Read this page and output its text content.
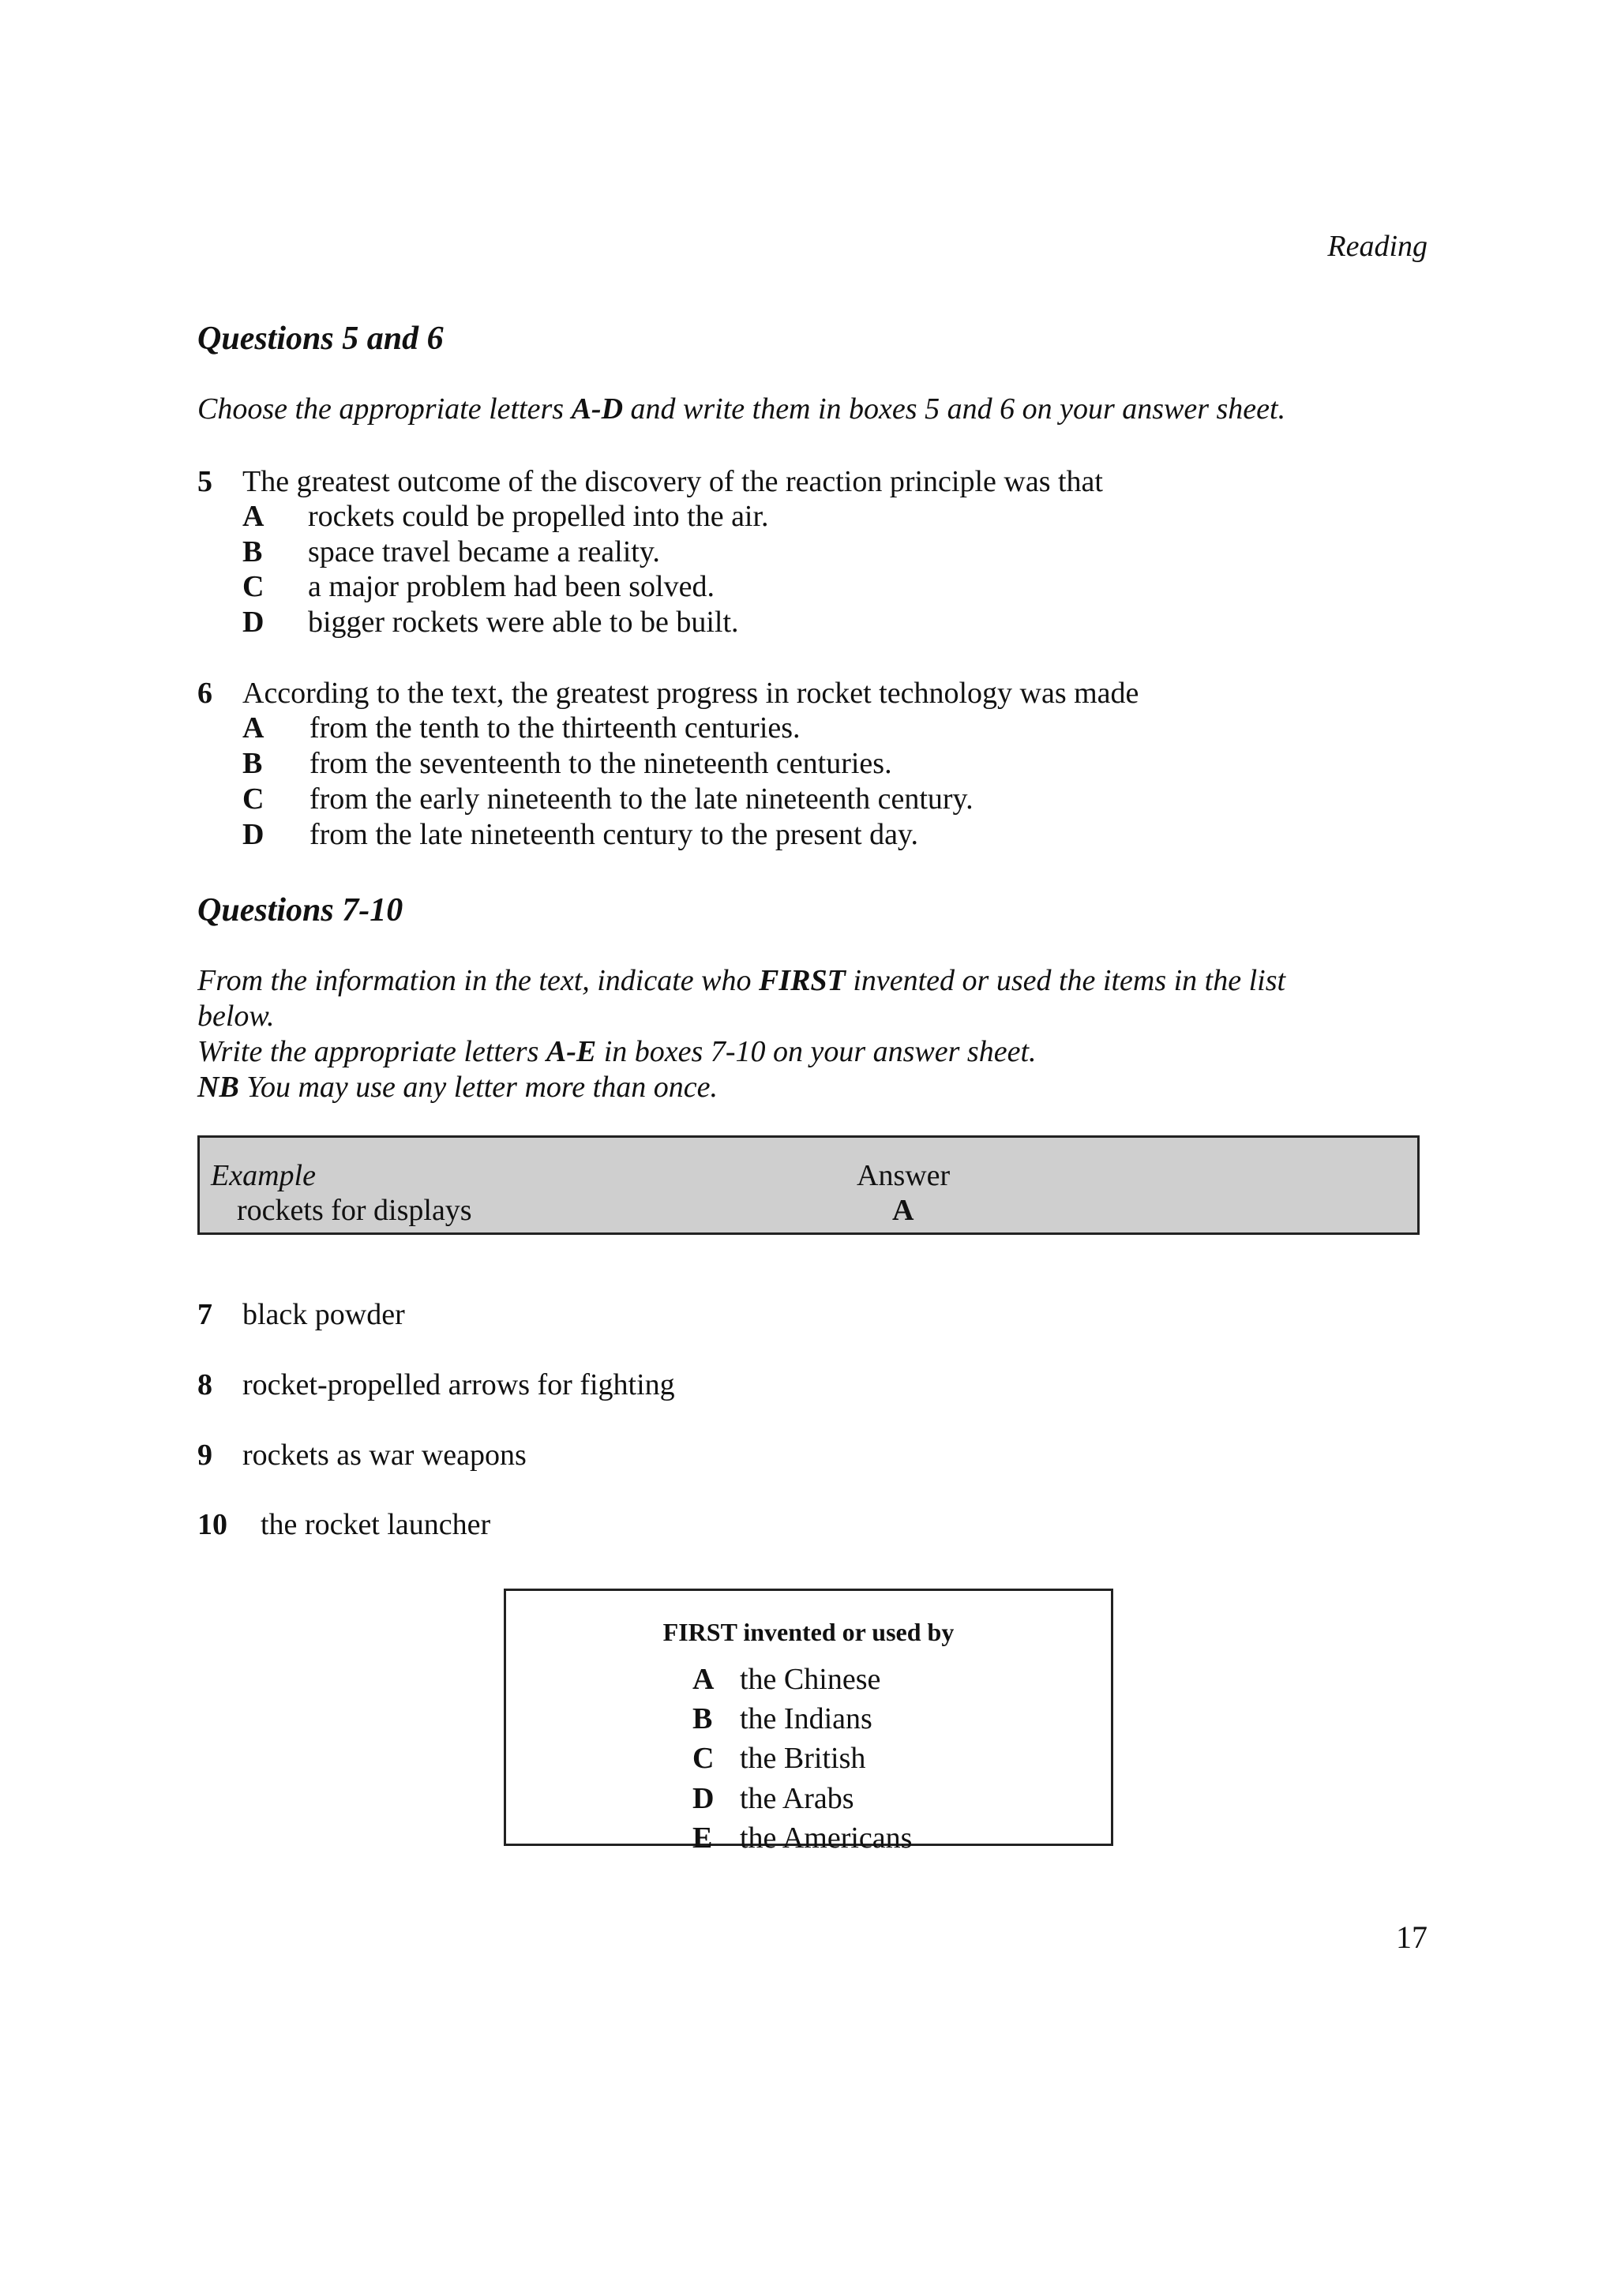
Reading
Questions 5 and 6
Choose the appropriate letters A-D and write them in boxes 5 and 6 on your answer sheet.
5 The greatest outcome of the discovery of the reaction principle was that
A rockets could be propelled into the air.
B space travel became a reality.
C a major problem had been solved.
D bigger rockets were able to be built.
6 According to the text, the greatest progress in rocket technology was made
A from the tenth to the thirteenth centuries.
B from the seventeenth to the nineteenth centuries.
C from the early nineteenth to the late nineteenth century.
D from the late nineteenth century to the present day.
Questions 7-10
From the information in the text, indicate who FIRST invented or used the items in the list
below.
Write the appropriate letters A-E in boxes 7-10 on your answer sheet.
NB You may use any letter more than once.
Example
rockets for displays
Answer
A
7 black powder
8 rocket-propelled arrows for fighting
9 rockets as war weapons
10 the rocket launcher
FIRST invented or used by
A the Chinese
B the Indians
C the British
D the Arabs
E the Americans
17
